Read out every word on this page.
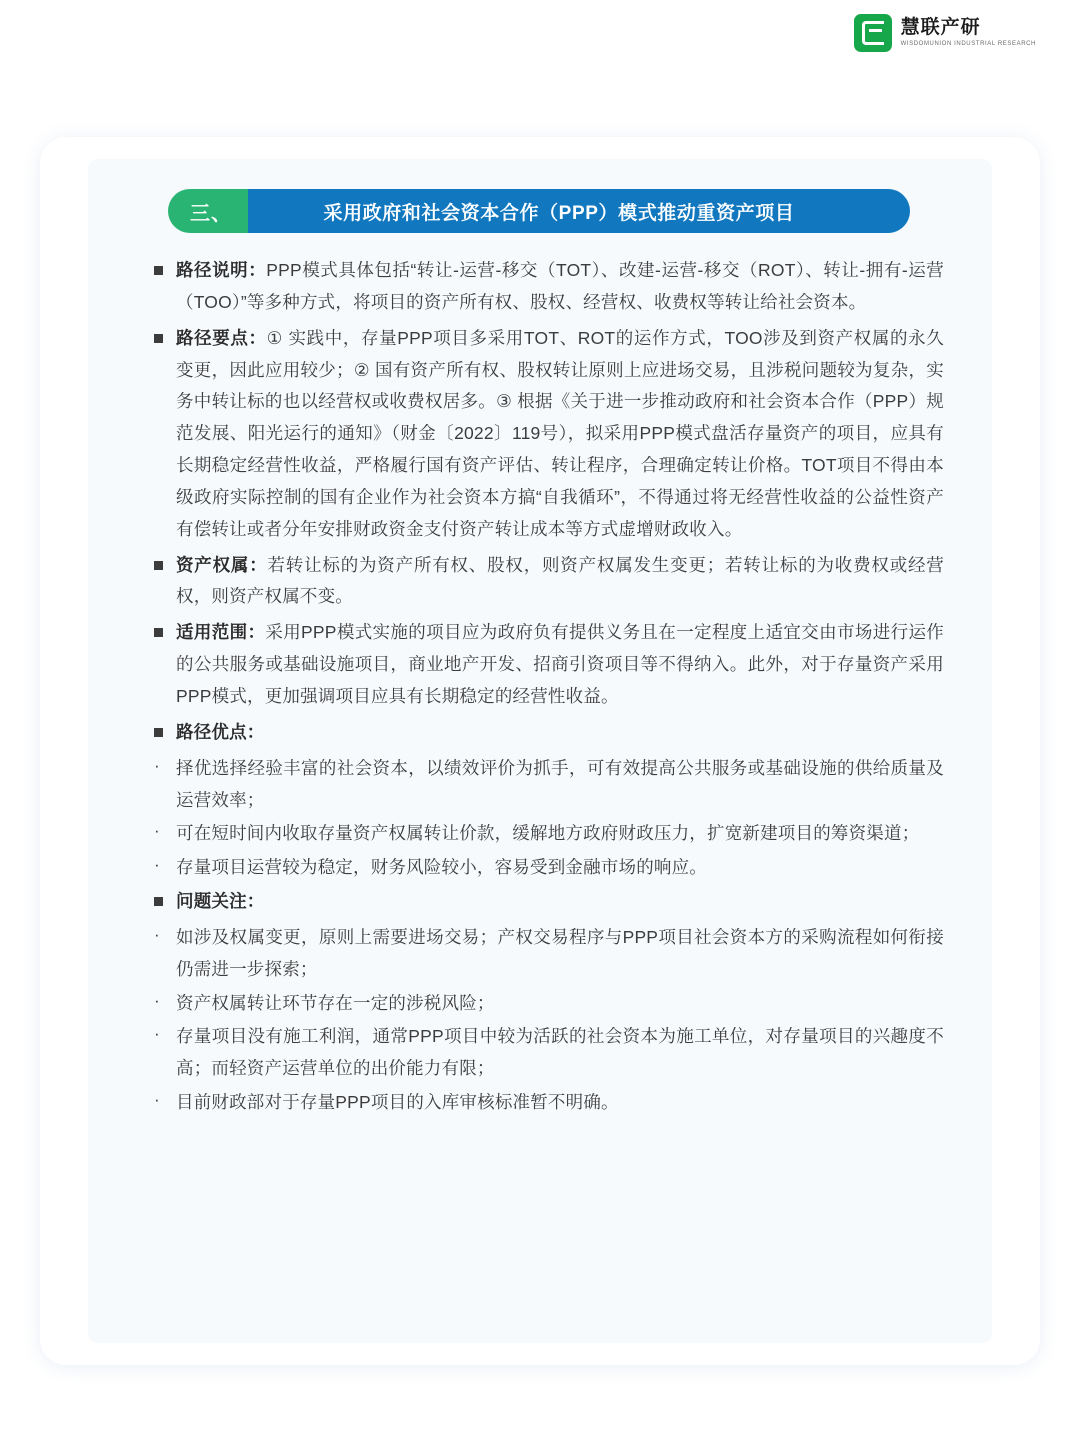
慧联产研
WISDOMUNION INDUSTRIAL RESEARCH
三、	采用政府和社会资本合作（PPP）模式推动重资产项目
路径说明：PPP模式具体包括“转让-运营-移交（TOT）、改建-运营-移交（ROT）、转让-拥有-运营（TOO）”等多种方式，将项目的资产所有权、股权、经营权、收费权等转让给社会资本。
路径要点：① 实践中，存量PPP项目多采用TOT、ROT的运作方式，TOO涉及到资产权属的永久变更，因此应用较少；② 国有资产所有权、股权转让原则上应进场交易，且涉税问题较为复杂，实务中转让标的也以经营权或收费权居多。③ 根据《关于进一步推动政府和社会资本合作（PPP）规范发展、阳光运行的通知》（财金〔2022〕119号），拟采用PPP模式盘活存量资产的项目，应具有长期稳定经营性收益，严格履行国有资产评估、转让程序，合理确定转让价格。TOT项目不得由本级政府实际控制的国有企业作为社会资本方搞“自我循环”，不得通过将无经营性收益的公益性资产有偿转让或者分年安排财政资金支付资产转让成本等方式虚增财政收入。
资产权属：若转让标的为资产所有权、股权，则资产权属发生变更；若转让标的为收费权或经营权，则资产权属不变。
适用范围：采用PPP模式实施的项目应为政府负有提供义务且在一定程度上适宜交由市场进行运作的公共服务或基础设施项目，商业地产开发、招商引资项目等不得纳入。此外，对于存量资产采用PPP模式，更加强调项目应具有长期稳定的经营性收益。
路径优点：
· 择优选择经验丰富的社会资本，以绩效评价为抓手，可有效提高公共服务或基础设施的供给质量及运营效率；
· 可在短时间内收取存量资产权属转让价款，缓解地方政府财政压力，扩宽新建项目的筹资渠道；
· 存量项目运营较为稳定，财务风险较小，容易受到金融市场的响应。
问题关注：
· 如涉及权属变更，原则上需要进场交易；产权交易程序与PPP项目社会资本方的采购流程如何衔接仍需进一步探索；
· 资产权属转让环节存在一定的涉税风险；
· 存量项目没有施工利润，通常PPP项目中较为活跃的社会资本为施工单位，对存量项目的兴趣度不高；而轻资产运营单位的出价能力有限；
· 目前财政部对于存量PPP项目的入库审核标准暂不明确。
